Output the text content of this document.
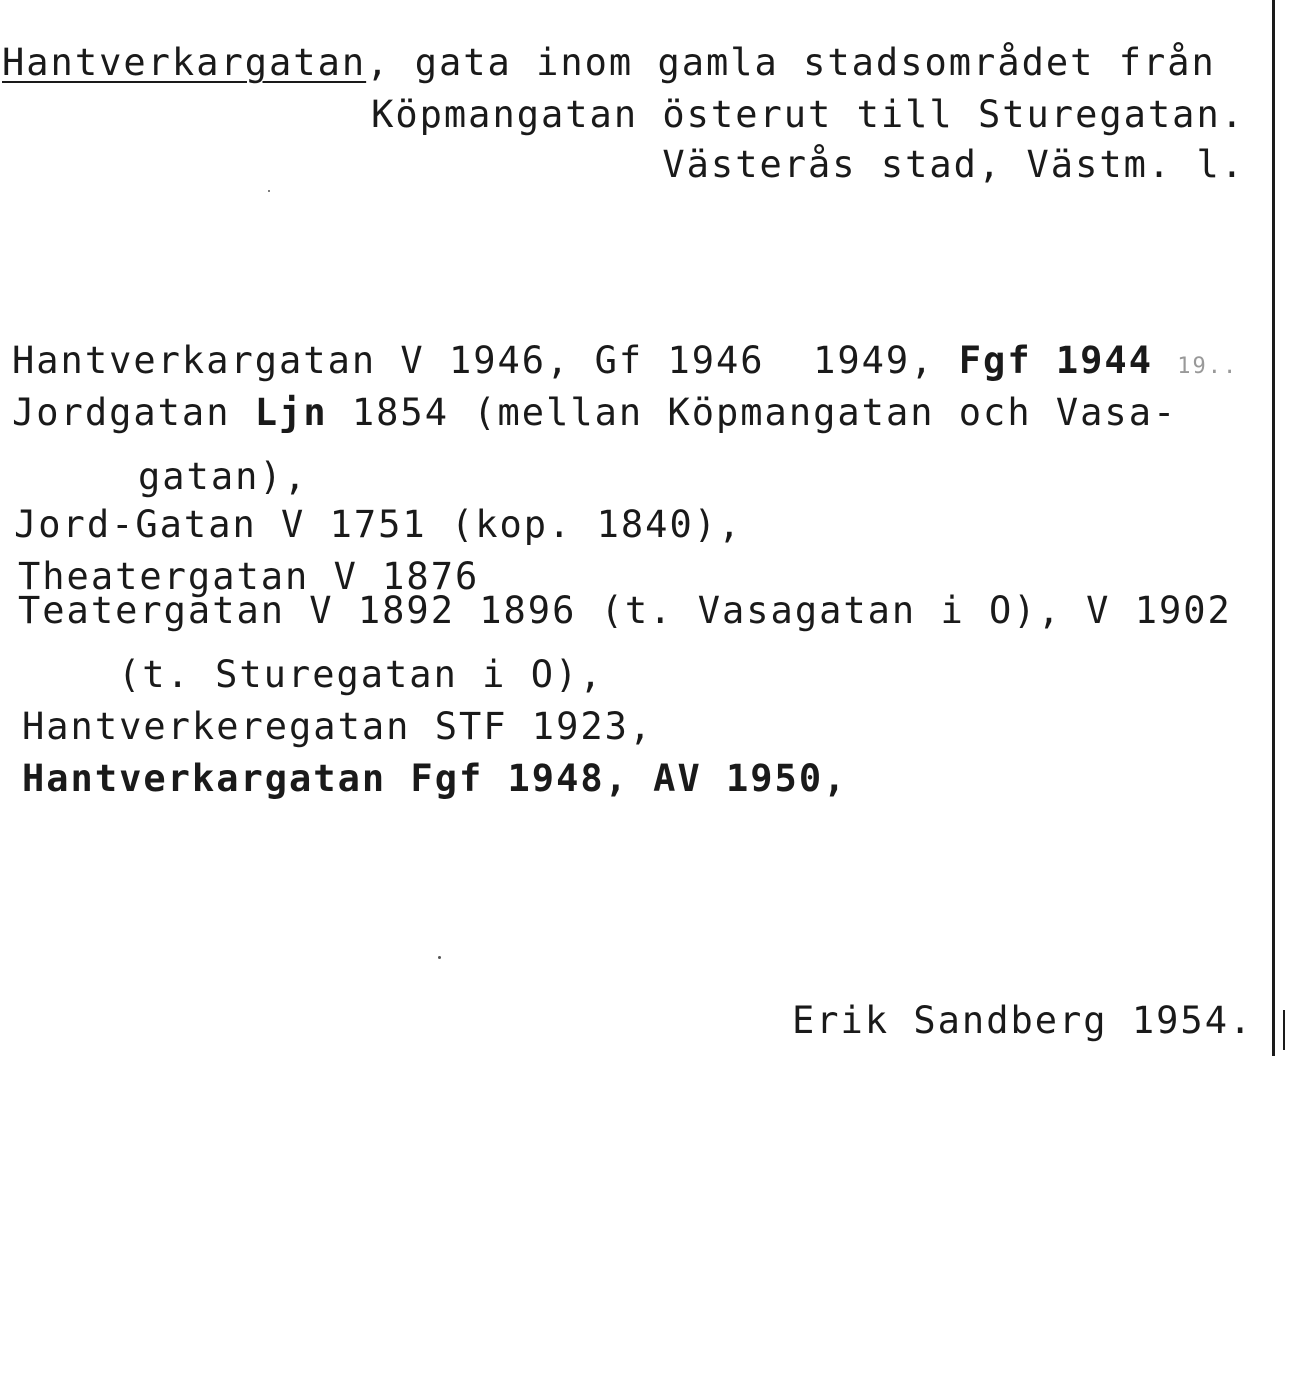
Hantverkargatan, gata inom gamla stadsområdet från

Köpmangatan österut till Sturegatan.

Västerås stad, Västm. l.

Hantverkargatan V 1946, Gf 1946  1949, Fgf 1944 19..

Jordgatan Ljn 1854 (mellan Köpmangatan och Vasa-

gatan),

Jord-Gatan V 1751 (kop. 1840),

Theatergatan V 1876

Teatergatan V 1892 1896 (t. Vasagatan i O), V 1902

(t. Sturegatan i O),

Hantverkeregatan STF 1923,

Hantverkargatan Fgf 1948, AV 1950,

Erik Sandberg 1954.
